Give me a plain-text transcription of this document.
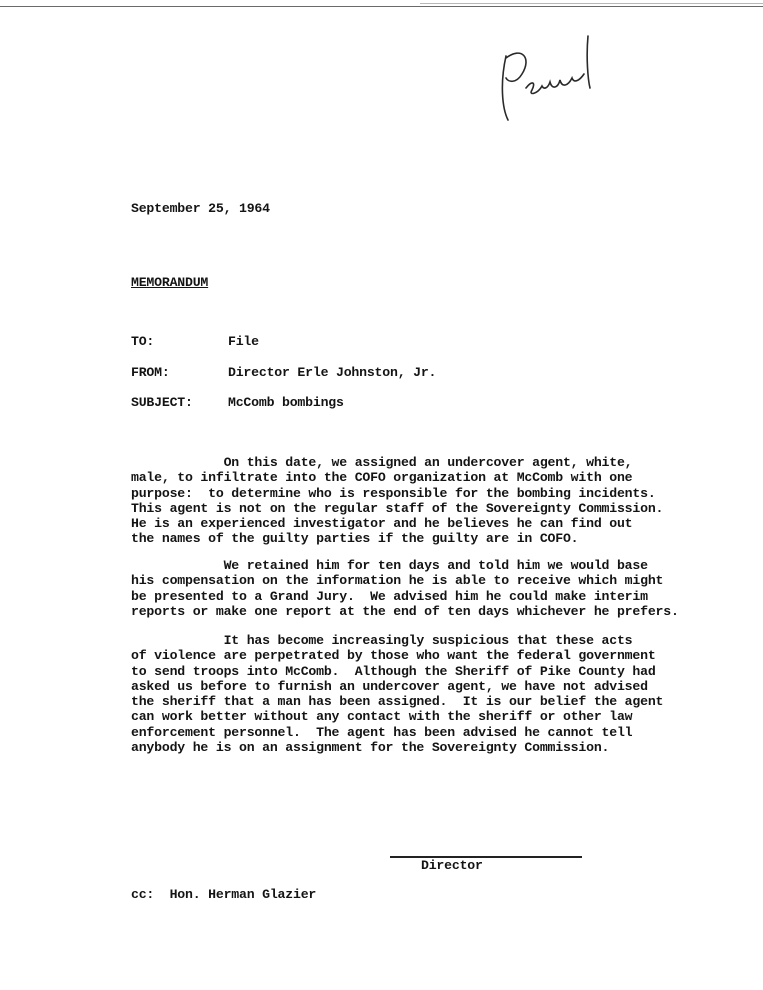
September 25, 1964
MEMORANDUM
TO:	File
FROM:	Director Erle Johnston, Jr.
SUBJECT:	McComb bombings
On this date, we assigned an undercover agent, white,
male, to infiltrate into the COFO organization at McComb with one
purpose:  to determine who is responsible for the bombing incidents.
This agent is not on the regular staff of the Sovereignty Commission.
He is an experienced investigator and he believes he can find out
the names of the guilty parties if the guilty are in COFO.
We retained him for ten days and told him we would base
his compensation on the information he is able to receive which might
be presented to a Grand Jury.  We advised him he could make interim
reports or make one report at the end of ten days whichever he prefers.
It has become increasingly suspicious that these acts
of violence are perpetrated by those who want the federal government
to send troops into McComb.  Although the Sheriff of Pike County had
asked us before to furnish an undercover agent, we have not advised
the sheriff that a man has been assigned.  It is our belief the agent
can work better without any contact with the sheriff or other law
enforcement personnel.  The agent has been advised he cannot tell
anybody he is on an assignment for the Sovereignty Commission.
Director
cc:  Hon. Herman Glazier
